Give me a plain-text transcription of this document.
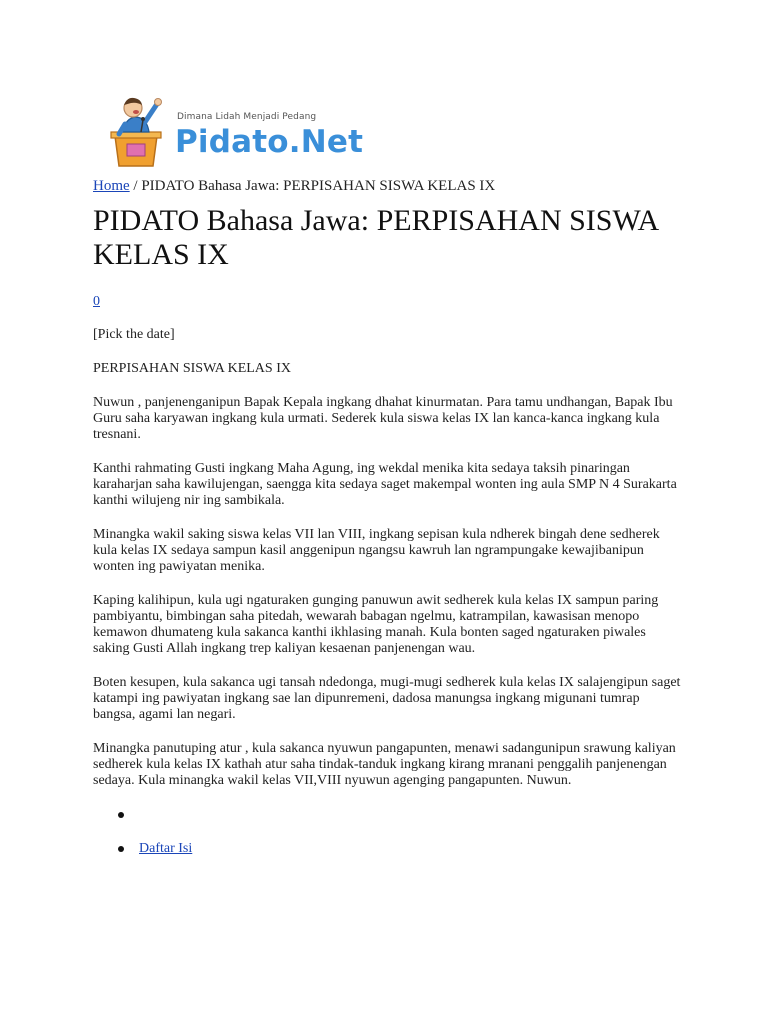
Dimana Lidah Menjadi Pedang
Pidato.Net
Home / PIDATO Bahasa Jawa: PERPISAHAN SISWA KELAS IX
PIDATO Bahasa Jawa: PERPISAHAN SISWA KELAS IX
0

[Pick the date]

PERPISAHAN SISWA KELAS IX

Nuwun , panjenenganipun Bapak Kepala ingkang dhahat kinurmatan. Para tamu undhangan, Bapak Ibu Guru saha karyawan ingkang kula urmati. Sederek kula siswa kelas IX lan kanca-kanca ingkang kula tresnani.

Kanthi rahmating Gusti ingkang Maha Agung, ing wekdal menika kita sedaya taksih pinaringan karaharjan saha kawilujengan, saengga kita sedaya saget makempal wonten ing aula SMP N 4 Surakarta kanthi wilujeng nir ing sambikala.

Minangka wakil saking siswa kelas VII lan VIII, ingkang sepisan kula ndherek bingah dene sedherek kula kelas IX sedaya sampun kasil anggenipun ngangsu kawruh lan ngrampungake kewajibanipun wonten ing pawiyatan menika.

Kaping kalihipun, kula ugi ngaturaken gunging panuwun awit sedherek kula kelas IX sampun paring pambiyantu, bimbingan saha pitedah, wewarah babagan ngelmu, katrampilan, kawasisan menopo kemawon dhumateng kula sakanca kanthi ikhlasing manah. Kula bonten saged ngaturaken piwales saking Gusti Allah ingkang trep kaliyan kesaenan panjenengan wau.

Boten kesupen, kula sakanca ugi tansah ndedonga, mugi-mugi sedherek kula kelas IX salajengipun saget katampi ing pawiyatan ingkang sae lan dipunremeni, dadosa manungsa ingkang migunani tumrap bangsa, agami lan negari.

Minangka panutuping atur , kula sakanca nyuwun pangapunten, menawi sadangunipun srawung kaliyan sedherek kula kelas IX kathah atur saha tindak-tanduk ingkang kirang mranani penggalih panjenengan sedaya. Kula minangka wakil kelas VII,VIII nyuwun agenging pangapunten. Nuwun.

Daftar Isi
